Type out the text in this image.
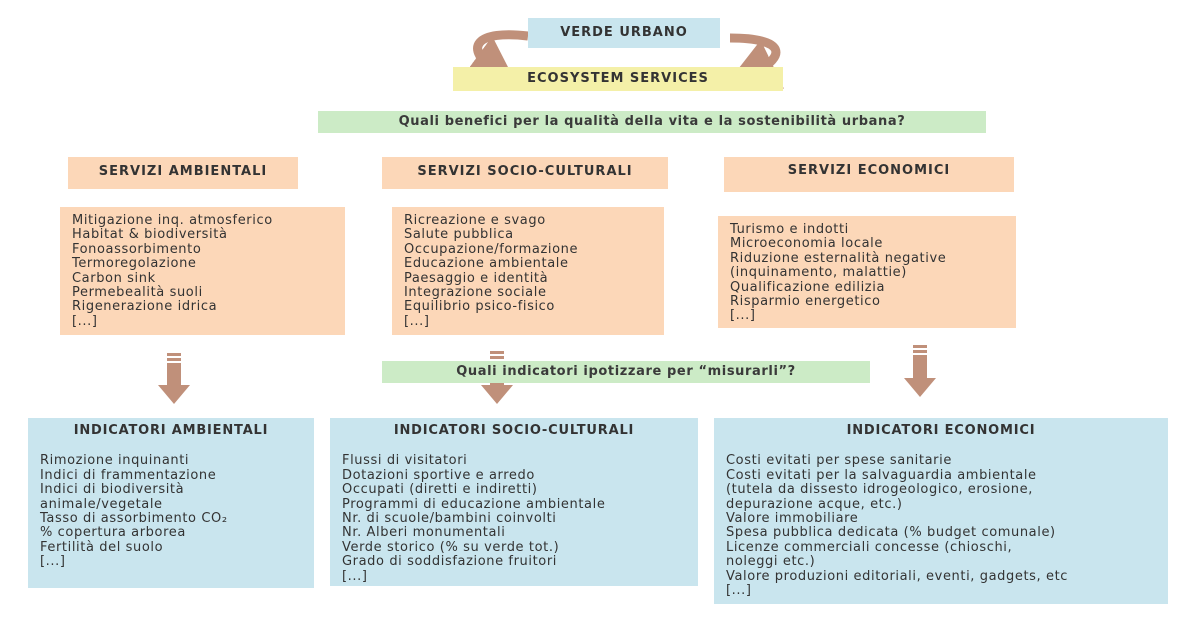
VERDE URBANO
ECOSYSTEM SERVICES
Quali benefici per la qualità della vita e la sostenibilità urbana?
SERVIZI AMBIENTALI	SERVIZI SOCIO-CULTURALI	SERVIZI ECONOMICI
Mitigazione inq. atmosferico
Habitat & biodiversità
Fonoassorbimento
Termoregolazione
Carbon sink
Permebealità suoli
Rigenerazione idrica
[...]
Ricreazione e svago
Salute pubblica
Occupazione/formazione
Educazione ambientale
Paesaggio e identità
Integrazione sociale
Equilibrio psico-fisico
[...]
Turismo e indotti
Microeconomia locale
Riduzione esternalità negative
(inquinamento, malattie)
Qualificazione edilizia
Risparmio energetico
[...]
Quali indicatori ipotizzare per “misurarli”?
INDICATORI AMBIENTALI
Rimozione inquinanti
Indici di frammentazione
Indici di biodiversità
animale/vegetale
Tasso di assorbimento CO₂
% copertura arborea
Fertilità del suolo
[...]
INDICATORI SOCIO-CULTURALI
Flussi di visitatori
Dotazioni sportive e arredo
Occupati (diretti e indiretti)
Programmi di educazione ambientale
Nr. di scuole/bambini coinvolti
Nr. Alberi monumentali
Verde storico (% su verde tot.)
Grado di soddisfazione fruitori
[...]
INDICATORI ECONOMICI
Costi evitati per spese sanitarie
Costi evitati per la salvaguardia ambientale
(tutela da dissesto idrogeologico, erosione,
depurazione acque, etc.)
Valore immobiliare
Spesa pubblica dedicata (% budget comunale)
Licenze commerciali concesse (chioschi,
noleggi etc.)
Valore produzioni editoriali, eventi, gadgets, etc
[...]
